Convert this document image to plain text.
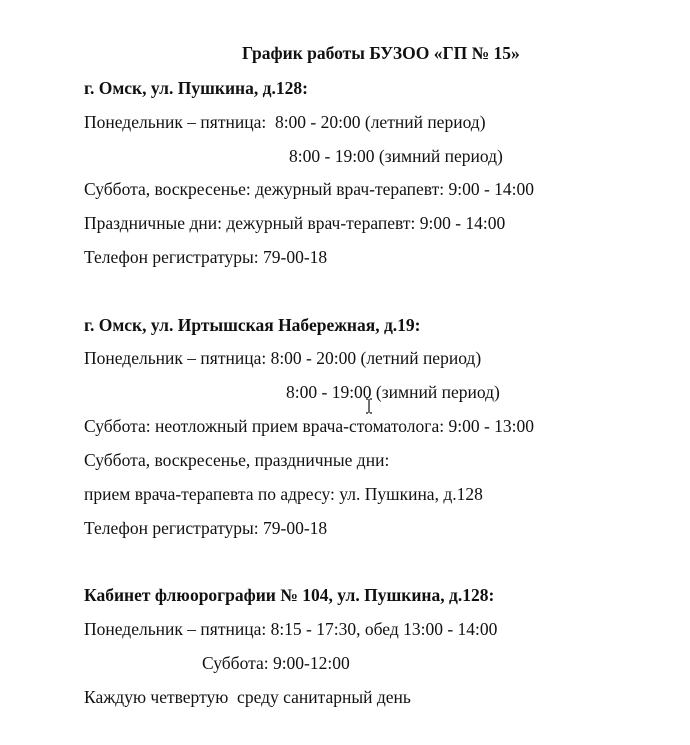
График работы БУЗОО «ГП № 15»
г. Омск, ул. Пушкина, д.128:
Понедельник – пятница:  8:00 - 20:00 (летний период)
8:00 - 19:00 (зимний период)
Суббота, воскресенье: дежурный врач-терапевт: 9:00 - 14:00
Праздничные дни: дежурный врач-терапевт: 9:00 - 14:00
Телефон регистратуры: 79-00-18
г. Омск, ул. Иртышская Набережная, д.19:
Понедельник – пятница: 8:00 - 20:00 (летний период)
8:00 - 19:00 (зимний период)
Суббота: неотложный прием врача-стоматолога: 9:00 - 13:00
Суббота, воскресенье, праздничные дни:
прием врача-терапевта по адресу: ул. Пушкина, д.128
Телефон регистратуры: 79-00-18
Кабинет флюорографии № 104, ул. Пушкина, д.128:
Понедельник – пятница: 8:15 - 17:30, обед 13:00 - 14:00
Суббота: 9:00-12:00
Каждую четвертую  среду санитарный день
